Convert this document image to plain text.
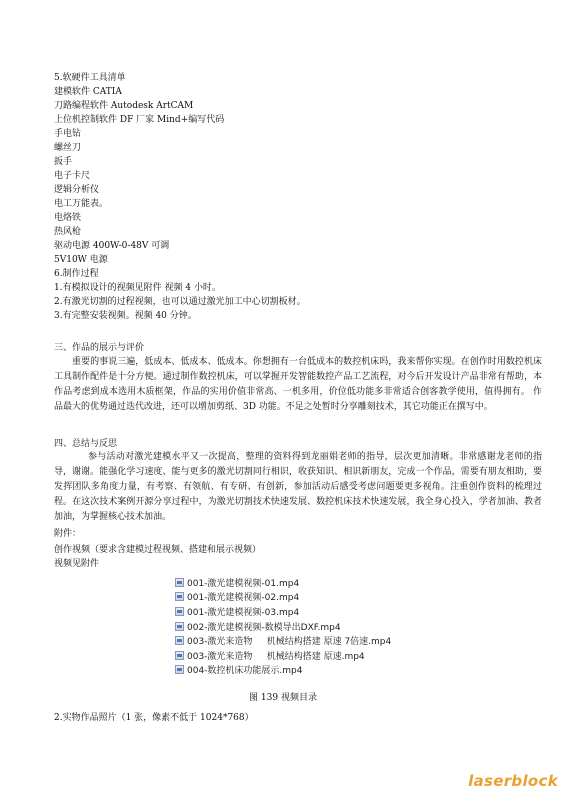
5.软硬件工具清单
建模软件 CATIA
刀路编程软件 Autodesk ArtCAM
上位机控制软件 DF 厂家 Mind+编写代码
手电钻
螺丝刀
扳手
电子卡尺
逻辑分析仪
电工万能表。
电烙铁
热风枪
驱动电源 400W-0-48V 可调
5V10W 电源
6.制作过程
1.有模拟设计的视频见附件 视频 4 小时。
2.有激光切割的过程视频，也可以通过激光加工中心切割板材。
3.有完整安装视频。视频 40 分钟。
三、作品的展示与评价
重要的事说三遍，低成本、低成本、低成本。你想拥有一台低成本的数控机床吗，我来帮你实现。在创作时用数控机床工具制作配件是十分方便。通过制作数控机床，可以掌握开发智能数控产品工艺流程，对今后开发设计产品非常有帮助，本作品考虑到成本选用木质框架，作品的实用价值非常高、一机多用，价位低功能多非常适合创客教学使用，值得拥有。 作品最大的优势通过迭代改进，还可以增加剪纸、3D 功能。不足之处暂时分享雕刻技术，其它功能正在撰写中。
四、总结与反思
参与活动对激光建模水平又一次提高，整理的资料得到龙丽娟老师的指导，层次更加清晰。非常感谢龙老师的指导，谢谢。能强化学习速度、能与更多的激光切割同行相识，收获知识、相识新朋友，完成一个作品，需要有朋友相助，要发挥团队多角度力量，有考察、有领航、有专研、有创新，参加活动后感受考虑问题要更多视角。注重创作资料的梳理过程。在这次技术案例开源分享过程中，为激光切割技术快速发展、数控机床技术快速发展，我全身心投入，学者加油、教者加油，为掌握核心技术加油。
附件：
创作视频（要求含建模过程视频、搭建和展示视频）
视频见附件
001-激光建模视频-01.mp4
001-激光建模视频-02.mp4
001-激光建模视频-03.mp4
002-激光建模视频-数模导出DXF.mp4
003-激光来造物     机械结构搭建 原速 7倍速.mp4
003-激光来造物     机械结构搭建 原速.mp4
004-数控机床功能展示.mp4
图 139 视频目录
2.实物作品照片（1 张，像素不低于 1024*768）
laserblock
